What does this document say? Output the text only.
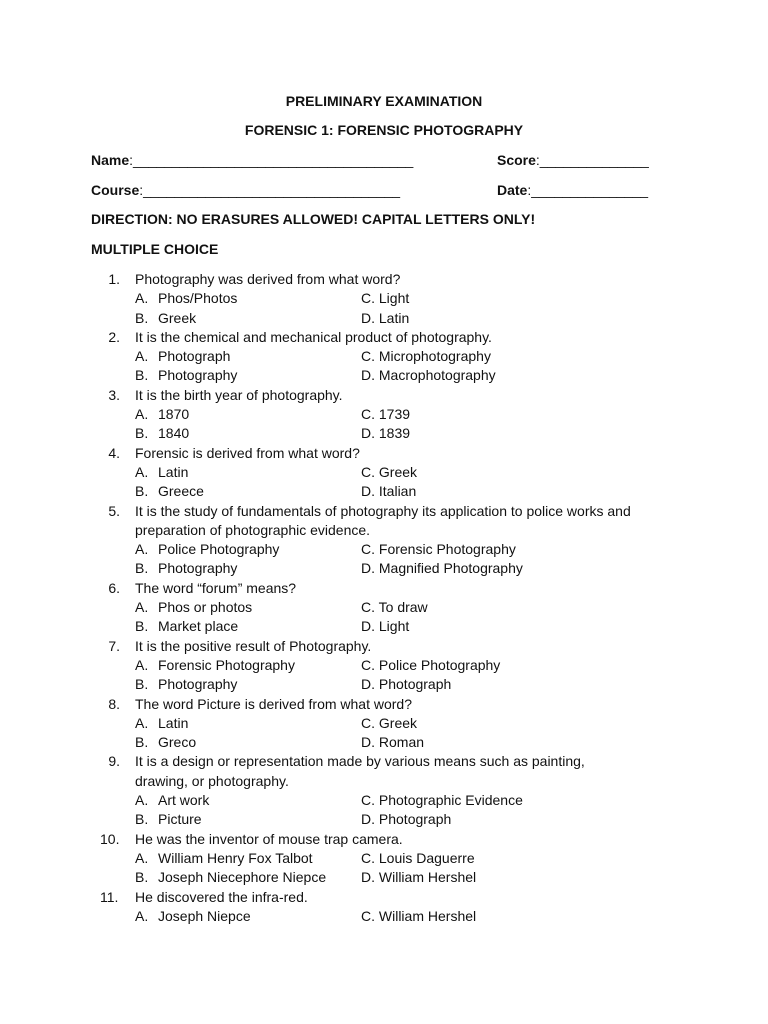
PRELIMINARY EXAMINATION
FORENSIC 1: FORENSIC PHOTOGRAPHY
Name:____________________________________	Score:______________
Course:_________________________________	Date:_______________
DIRECTION: NO ERASURES ALLOWED! CAPITAL LETTERS ONLY!
MULTIPLE CHOICE
1. Photography was derived from what word?
A. Phos/Photos	C. Light
B. Greek	D. Latin
2. It is the chemical and mechanical product of photography.
A. Photograph	C. Microphotography
B. Photography	D. Macrophotography
3. It is the birth year of photography.
A. 1870	C. 1739
B. 1840	D. 1839
4. Forensic is derived from what word?
A. Latin	C. Greek
B. Greece	D. Italian
5. It is the study of fundamentals of photography its application to police works and
preparation of photographic evidence.
A. Police Photography	C. Forensic Photography
B. Photography	D. Magnified Photography
6. The word “forum” means?
A. Phos or photos	C. To draw
B. Market place	D. Light
7. It is the positive result of Photography.
A. Forensic Photography	C. Police Photography
B. Photography	D. Photograph
8. The word Picture is derived from what word?
A. Latin	C. Greek
B. Greco	D. Roman
9. It is a design or representation made by various means such as painting,
drawing, or photography.
A. Art work	C. Photographic Evidence
B. Picture	D. Photograph
10.	He was the inventor of mouse trap camera.
A. William Henry Fox Talbot	C. Louis Daguerre
B. Joseph Niecephore Niepce D. William Hershel
11.	He discovered the infra-red.
A. Joseph Niepce	C. William Hershel
